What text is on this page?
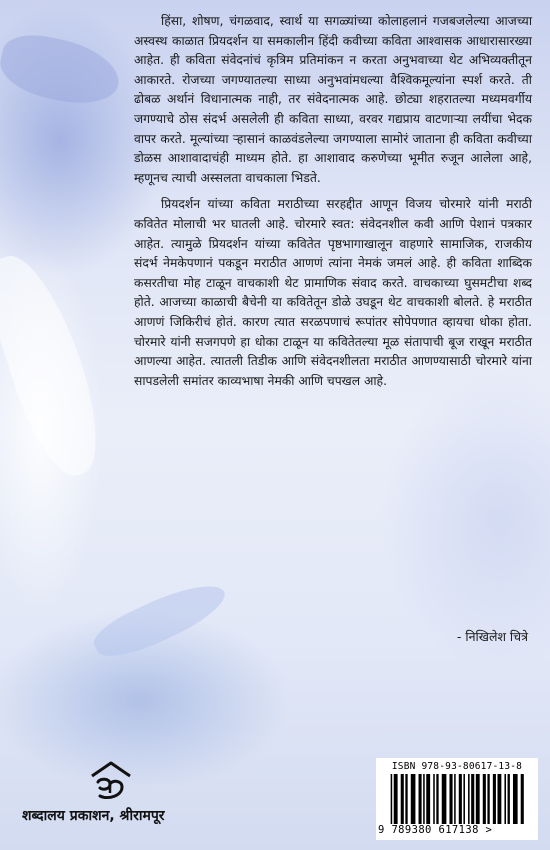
हिंसा, शोषण, चंगळवाद, स्वार्थ या सगळ्यांच्या कोलाहलानं गजबजलेल्या आजच्या अस्वस्थ काळात प्रियदर्शन या समकालीन हिंदी कवीच्या कविता आश्वासक आधारासारख्या आहेत. ही कविता संवेदनांचं कृत्रिम प्रतिमांकन न करता अनुभवाच्या थेट अभिव्यक्तीतून आकारते. रोजच्या जगण्यातल्या साध्या अनुभवांमधल्या वैश्विकमूल्यांना स्पर्श करते. ती ढोबळ अर्थानं विधानात्मक नाही, तर संवेदनात्मक आहे. छोट्या शहरातल्या मध्यमवर्गीय जगण्याचे ठोस संदर्भ असलेली ही कविता साध्या, वरवर गद्यप्राय वाटणाऱ्या लयींचा भेदक वापर करते. मूल्यांच्या ऱ्हासानं काळवंडलेल्या जगण्याला सामोरं जाताना ही कविता कवीच्या डोळस आशावादाचंही माध्यम होते. हा आशावाद करुणेच्या भूमीत रुजून आलेला आहे, म्हणूनच त्याची अस्सलता वाचकाला भिडते.

प्रियदर्शन यांच्या कविता मराठीच्या सरहद्दीत आणून विजय चोरमारे यांनी मराठी कवितेत मोलाची भर घातली आहे. चोरमारे स्वत: संवेदनशील कवी आणि पेशानं पत्रकार आहेत. त्यामुळे प्रियदर्शन यांच्या कवितेत पृष्ठभागाखालून वाहणारे सामाजिक, राजकीय संदर्भ नेमकेपणानं पकडून मराठीत आणणं त्यांना नेमकं जमलं आहे. ही कविता शाब्दिक कसरतीचा मोह टाळून वाचकाशी थेट प्रामाणिक संवाद करते. वाचकाच्या घुसमटीचा शब्द होते. आजच्या काळाची बैचेनी या कवितेतून डोळे उघडून थेट वाचकाशी बोलते. हे मराठीत आणणं जिकिरीचं होतं. कारण त्यात सरळपणाचं रूपांतर सोपेपणात व्हायचा धोका होता. चोरमारे यांनी सजगपणे हा धोका टाळून या कवितेतल्या मूळ संतापाची बूज राखून मराठीत आणल्या आहेत. त्यातली तिडीक आणि संवेदनशीलता मराठीत आणण्यासाठी चोरमारे यांना सापडलेली समांतर काव्यभाषा नेमकी आणि चपखल आहे.

- निखिलेश चित्रे
शब्दालय प्रकाशन, श्रीरामपूर
ISBN 978-93-80617-13-8
9 789380 617138 >
